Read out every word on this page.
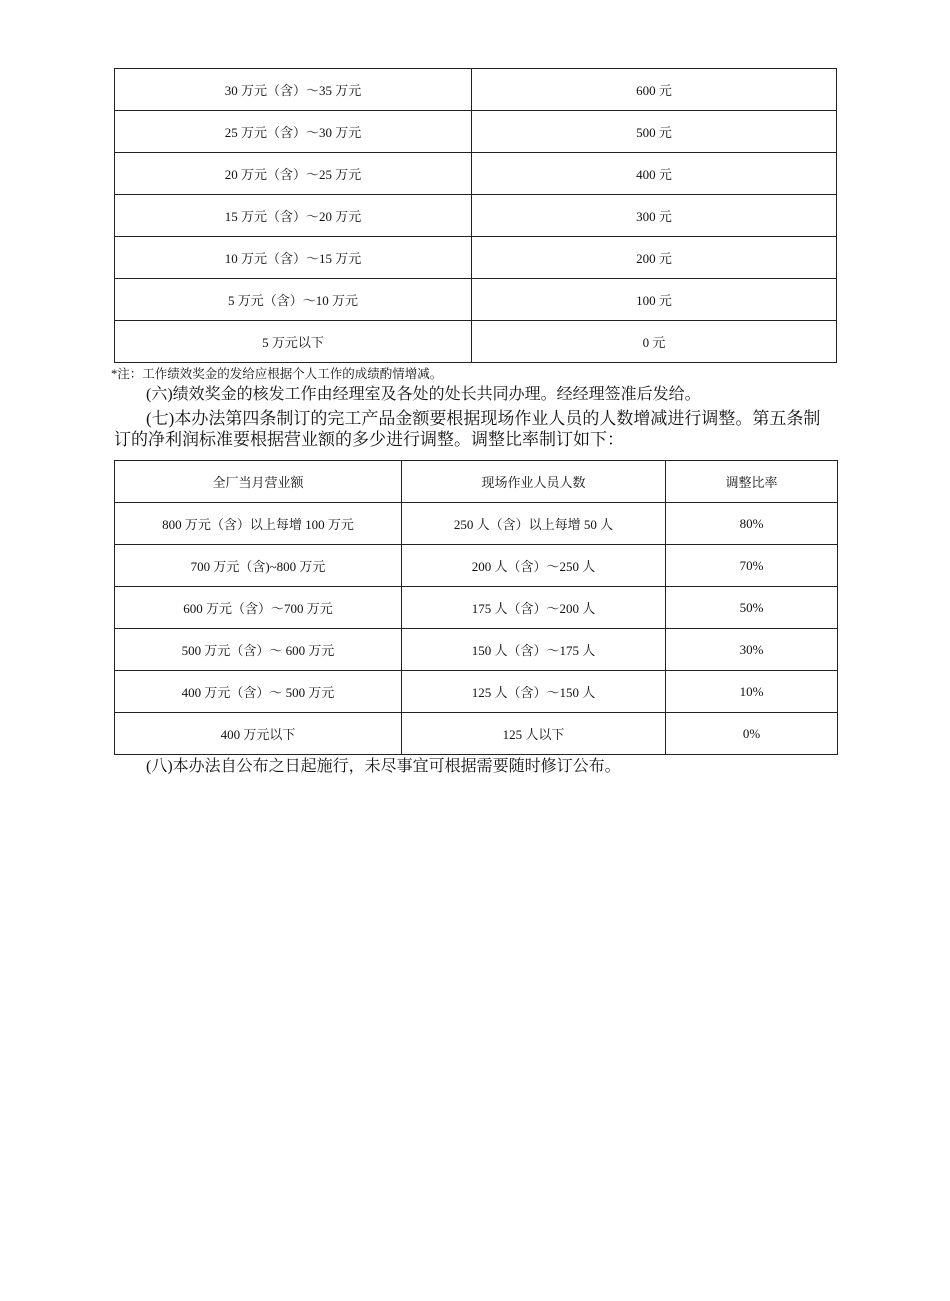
30 万元（含）～35 万元	600 元
25 万元（含）～30 万元	500 元
20 万元（含）～25 万元	400 元
15 万元（含）～20 万元	300 元
10 万元（含）～15 万元	200 元
5 万元（含）～10 万元	100 元
5 万元以下	0 元
*注：工作绩效奖金的发给应根据个人工作的成绩酌情增减。
(六)绩效奖金的核发工作由经理室及各处的处长共同办理。经经理签准后发给。
(七)本办法第四条制订的完工产品金额要根据现场作业人员的人数增减进行调整。第五条制订的净利润标准要根据营业额的多少进行调整。调整比率制订如下：
全厂当月营业额	现场作业人员人数	调整比率
800 万元（含）以上每增 100 万元	250 人（含）以上每增 50 人	80%
700 万元（含)~800 万元	200 人（含）～250 人	70%
600 万元（含）～700 万元	175 人（含）～200 人	50%
500 万元（含）～ 600 万元	150 人（含）～175 人	30%
400 万元（含）～ 500 万元	125 人（含）～150 人	10%
400 万元以下	125 人以下	0%
(八)本办法自公布之日起施行，未尽事宜可根据需要随时修订公布。
